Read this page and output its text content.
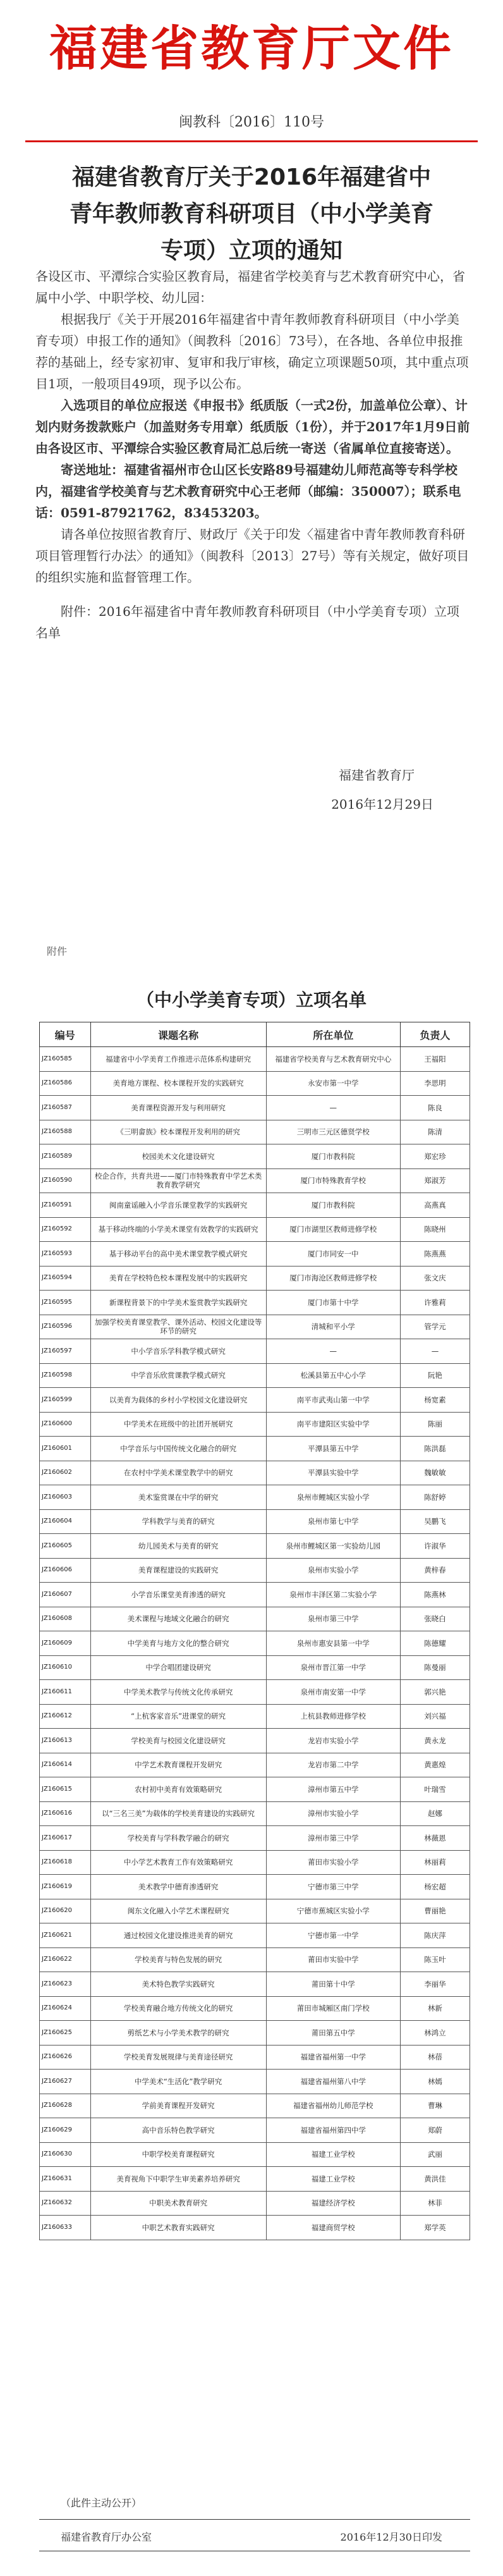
福建省教育厅文件
闽教科〔2016〕110号
福建省教育厅关于2016年福建省中青年教师教育科研项目（中小学美育专项）立项的通知

各设区市、平潭综合实验区教育局，福建省学校美育与艺术教育研究中心，省属中小学、中职学校、幼儿园：

根据我厅《关于开展2016年福建省中青年教师教育科研项目（中小学美育专项）申报工作的通知》（闽教科〔2016〕73号），在各地、各单位申报推荐的基础上，经专家初审、复审和我厅审核，确定立项课题50项，其中重点项目1项，一般项目49项，现予以公布。

入选项目的单位应报送《申报书》纸质版（一式2份，加盖单位公章）、计划内财务拨款账户（加盖财务专用章）纸质版（1份），并于2017年1月9日前由各设区市、平潭综合实验区教育局汇总后统一寄送（省属单位直接寄送）。

寄送地址：福建省福州市仓山区长安路89号福建幼儿师范高等专科学校内，福建省学校美育与艺术教育研究中心王老师（邮编：350007）；联系电话：0591-87921762，83453203。

请各单位按照省教育厅、财政厅《关于印发〈福建省中青年教师教育科研项目管理暂行办法〉的通知》（闽教科〔2013〕27号）等有关规定，做好项目的组织实施和监督管理工作。

附件：2016年福建省中青年教师教育科研项目（中小学美育专项）立项名单

福建省教育厅
2016年12月29日
附件
（中小学美育专项）立项名单
编号	课题名称	所在单位	负责人
JZ160585	福建省中小学美育工作推进示范体系构建研究	福建省学校美育与艺术教育研究中心	王福阳
JZ160586	美育地方课程、校本课程开发的实践研究	永安市第一中学	李思明
JZ160587	美育课程资源开发与利用研究	—	陈良
JZ160588	《三明畲族》校本课程开发利用的研究	三明市三元区德贤学校	陈清
JZ160589	校园美术文化建设研究	厦门市教科院	郑宏珍
JZ160590	校企合作，共育共进——厦门市特殊教育中学艺术类教育教学研究	厦门市特殊教育学校	郑淑芳
JZ160591	闽南童谣融入小学音乐课堂教学的实践研究	厦门市教科院	高燕真
JZ160592	基于移动终端的小学美术课堂有效教学的实践研究	厦门市湖里区教师进修学校	陈晓州
JZ160593	基于移动平台的高中美术课堂教学模式研究	厦门市同安一中	陈燕燕
JZ160594	美育在学校特色校本课程发展中的实践研究	厦门市海沧区教师进修学校	张文庆
JZ160595	新课程背景下的中学美术鉴赏教学实践研究	厦门市第十中学	许雅莉
JZ160596	加强学校美育课堂教学、课外活动、校园文化建设等环节的研究	清城和平小学	管学元
JZ160597	中小学音乐学科教学模式研究	—	—
JZ160598	中学音乐欣赏课教学模式研究	松溪县第五中心小学	阮艳
JZ160599	以美育为载体的乡村小学校园文化建设研究	南平市武夷山第一中学	杨宽素
JZ160600	中学美术在班级中的社团开展研究	南平市建阳区实验中学	陈丽
JZ160601	中学音乐与中国传统文化融合的研究	平潭县第五中学	陈洪磊
JZ160602	在农村中学美术课堂教学中的研究	平潭县实验中学	魏敏敏
JZ160603	美术鉴赏课在中学的研究	泉州市鲤城区实验小学	陈舒婷
JZ160604	学科教学与美育的研究	泉州市第七中学	吴鹏飞
JZ160605	幼儿园美术与美育的研究	泉州市鲤城区第一实验幼儿园	许淑华
JZ160606	美育课程建设的实践研究	泉州市实验小学	黄梓春
JZ160607	小学音乐课堂美育渗透的研究	泉州市丰泽区第二实验小学	陈燕林
JZ160608	美术课程与地域文化融合的研究	泉州市第三中学	张晓白
JZ160609	中学美育与地方文化的整合研究	泉州市惠安县第一中学	陈德耀
JZ160610	中学合唱团建设研究	泉州市晋江第一中学	陈曼丽
JZ160611	中学美术教学与传统文化传承研究	泉州市南安第一中学	郭兴艳
JZ160612	“上杭客家音乐”进课堂的研究	上杭县教师进修学校	刘兴福
JZ160613	学校美育与校园文化建设研究	龙岩市实验小学	黄永龙
JZ160614	中学艺术教育课程开发研究	龙岩市第二中学	黄惠煌
JZ160615	农村初中美育有效策略研究	漳州市第五中学	叶瑞雪
JZ160616	以“三名三美”为载体的学校美育建设的实践研究	漳州市实验小学	赵娜
JZ160617	学校美育与学科教学融合的研究	漳州市第三中学	林薇恩
JZ160618	中小学艺术教育工作有效策略研究	莆田市实验小学	林丽莉
JZ160619	美术教学中德育渗透研究	宁德市第三中学	杨宏超
JZ160620	闽东文化融入小学艺术课程研究	宁德市蕉城区实验小学	曹丽艳
JZ160621	通过校园文化建设推进美育的研究	宁德市第一中学	陈庆萍
JZ160622	学校美育与特色发展的研究	莆田市实验中学	陈玉叶
JZ160623	美术特色教学实践研究	莆田第十中学	李丽华
JZ160624	学校美育融合地方传统文化的研究	莆田市城厢区南门学校	林新
JZ160625	剪纸艺术与小学美术教学的研究	莆田第五中学	林鸿立
JZ160626	学校美育发展规律与美育途径研究	福建省福州第一中学	林蓓
JZ160627	中学美术“生活化”教学研究	福建省福州第八中学	林嫣
JZ160628	学前美育课程开发研究	福建省福州幼儿师范学校	曹琳
JZ160629	高中音乐特色教学研究	福建省福州第四中学	郑蔚
JZ160630	中职学校美育课程研究	福建工业学校	武丽
JZ160631	美育视角下中职学生审美素养培养研究	福建工业学校	黄洪佳
JZ160632	中职美术教育研究	福建经济学校	林菲
JZ160633	中职艺术教育实践研究	福建商贸学校	郑学英
（此件主动公开）
福建省教育厅办公室	2016年12月30日印发
